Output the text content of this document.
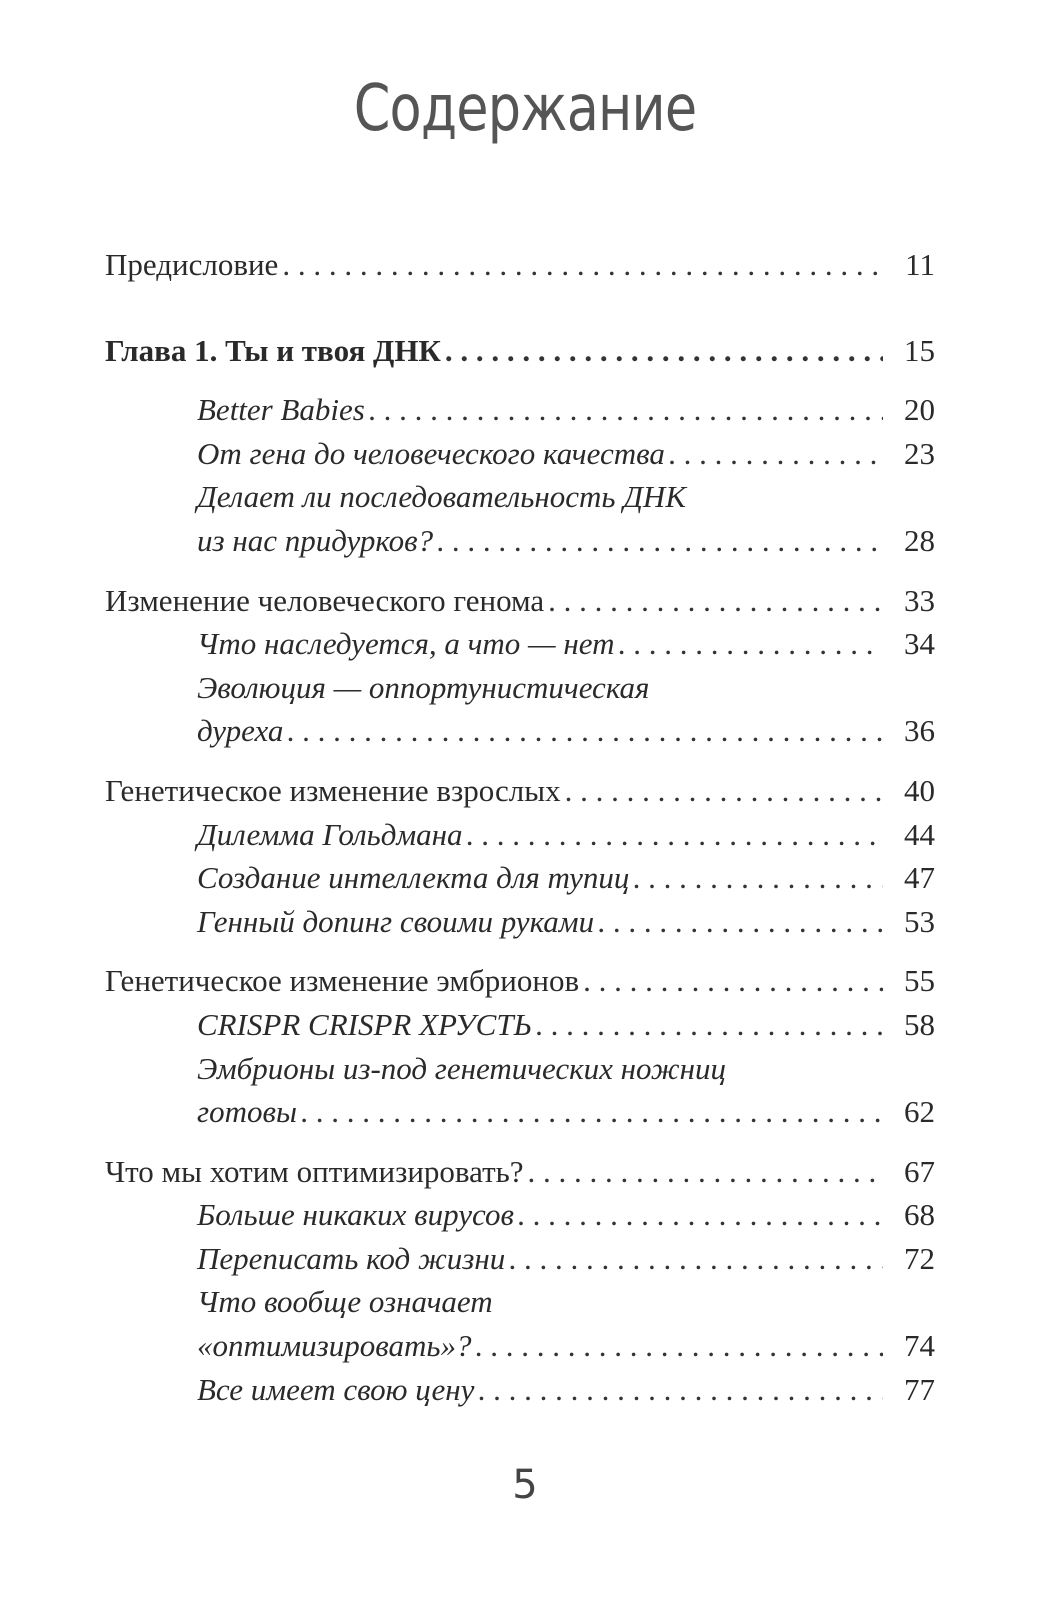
Содержание
Предисловие . . .	11
Глава 1. Ты и твоя ДНК . . .	15
Better Babies . . .	20
От гена до человеческого качества . . .	23
Делает ли последовательность ДНК
из нас придурков? . . .	28
Изменение человеческого генома . . .	33
Что наследуется, а что — нет . . .	34
Эволюция — оппортунистическая
дуреха . . .	36
Генетическое изменение взрослых . . .	40
Дилемма Гольдмана . . .	44
Создание интеллекта для тупиц . . .	47
Генный допинг своими руками . . .	53
Генетическое изменение эмбрионов . . .	55
CRISPR CRISPR ХРУСТЬ . . .	58
Эмбрионы из-под генетических ножниц
готовы . . .	62
Что мы хотим оптимизировать? . . .	67
Больше никаких вирусов . . .	68
Переписать код жизни . . .	72
Что вообще означает
«оптимизировать»? . . .	74
Все имеет свою цену . . .	77
5
